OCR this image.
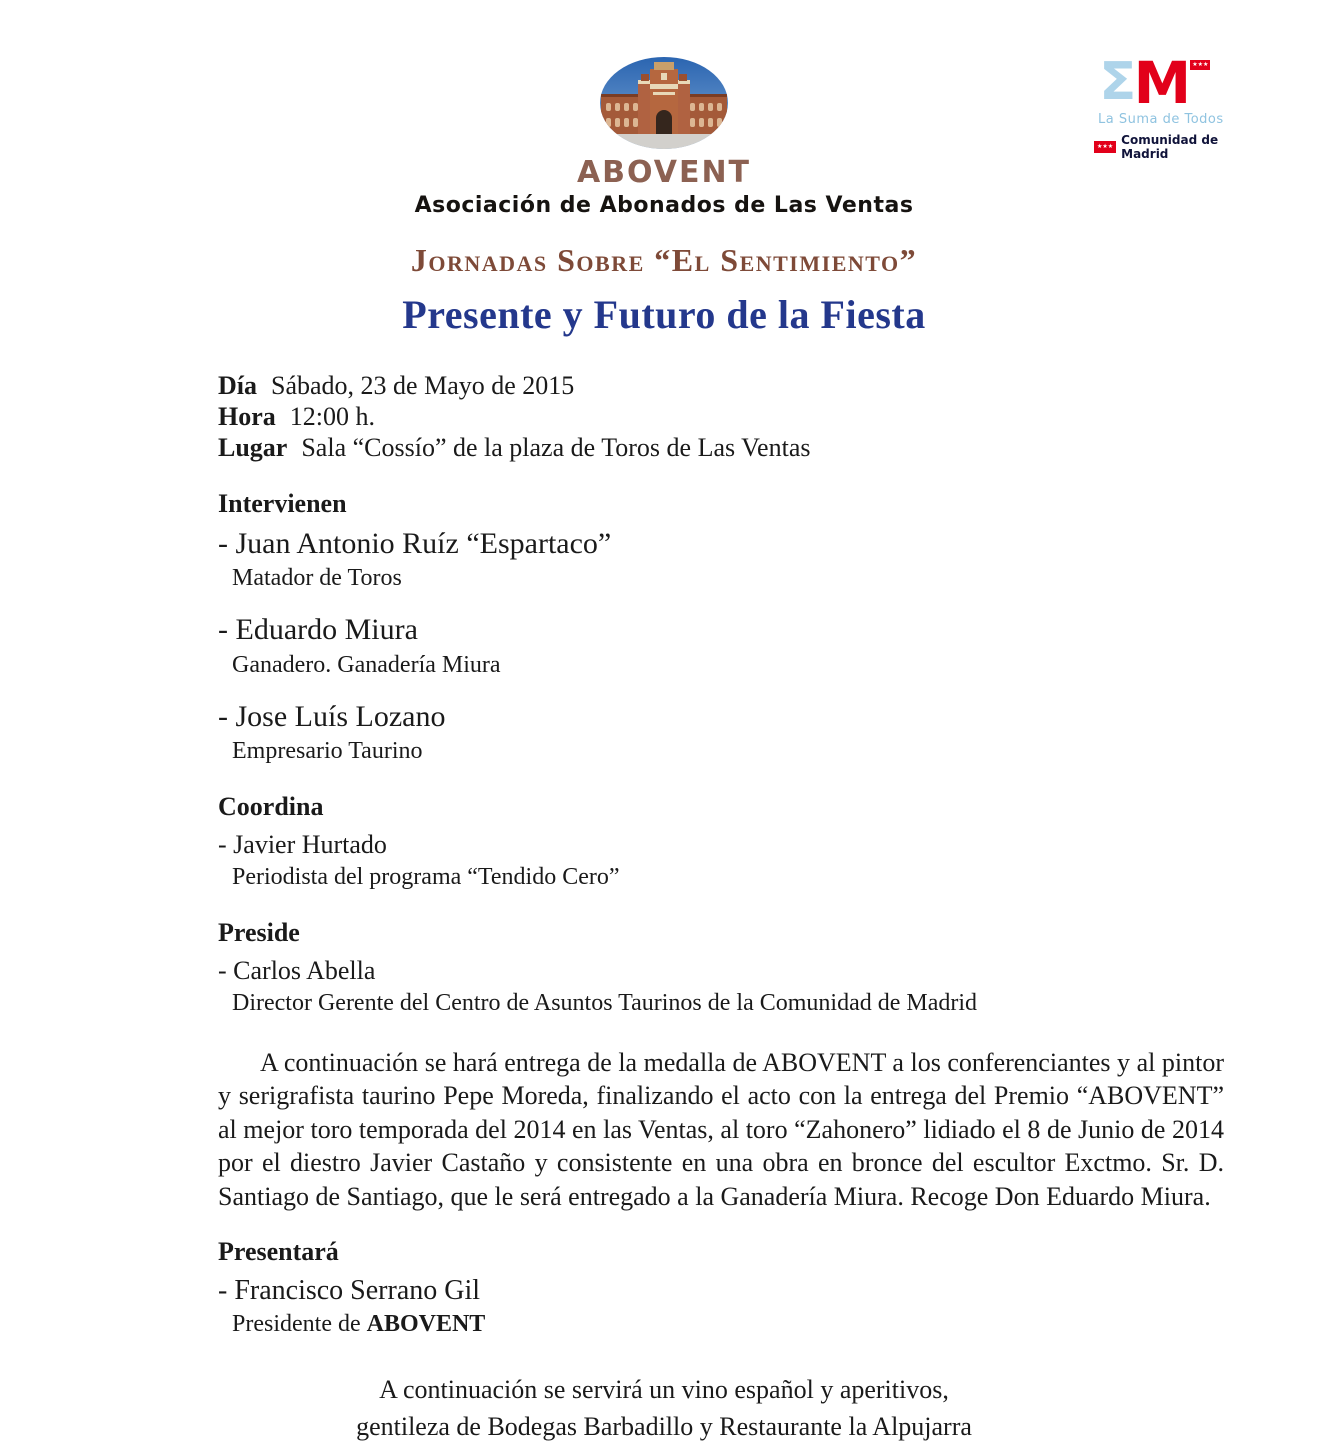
ABOVENT
Asociación de Abonados de Las Ventas
Jornadas Sobre “El Sentimiento”
Presente y Futuro de la Fiesta
Σ
M ★★★
La Suma de Todos
★★★ Comunidad de Madrid
Día Sábado, 23 de Mayo de 2015
Hora 12:00 h.
Lugar Sala “Cossío” de la plaza de Toros de Las Ventas
Intervienen
- Juan Antonio Ruíz “Espartaco”
Matador de Toros
- Eduardo Miura
Ganadero. Ganadería Miura
- Jose Luís Lozano
Empresario Taurino
Coordina
- Javier Hurtado
Periodista del programa “Tendido Cero”
Preside
- Carlos Abella
Director Gerente del Centro de Asuntos Taurinos de la Comunidad de Madrid

A continuación se hará entrega de la medalla de ABOVENT a los conferenciantes y al pintor y serigrafista taurino Pepe Moreda, finalizando el acto con la entrega del Premio “ABOVENT” al mejor toro temporada del 2014 en las Ventas, al toro “Zahonero” lidiado el 8 de Junio de 2014 por el diestro Javier Castaño y consistente en una obra en bronce del escultor Exctmo. Sr. D. Santiago de Santiago, que le será entregado a la Ganadería Miura. Recoge Don Eduardo Miura.

Presentará
- Francisco Serrano Gil
Presidente de ABOVENT
A continuación se servirá un vino español y aperitivos,
gentileza de Bodegas Barbadillo y Restaurante la Alpujarra
